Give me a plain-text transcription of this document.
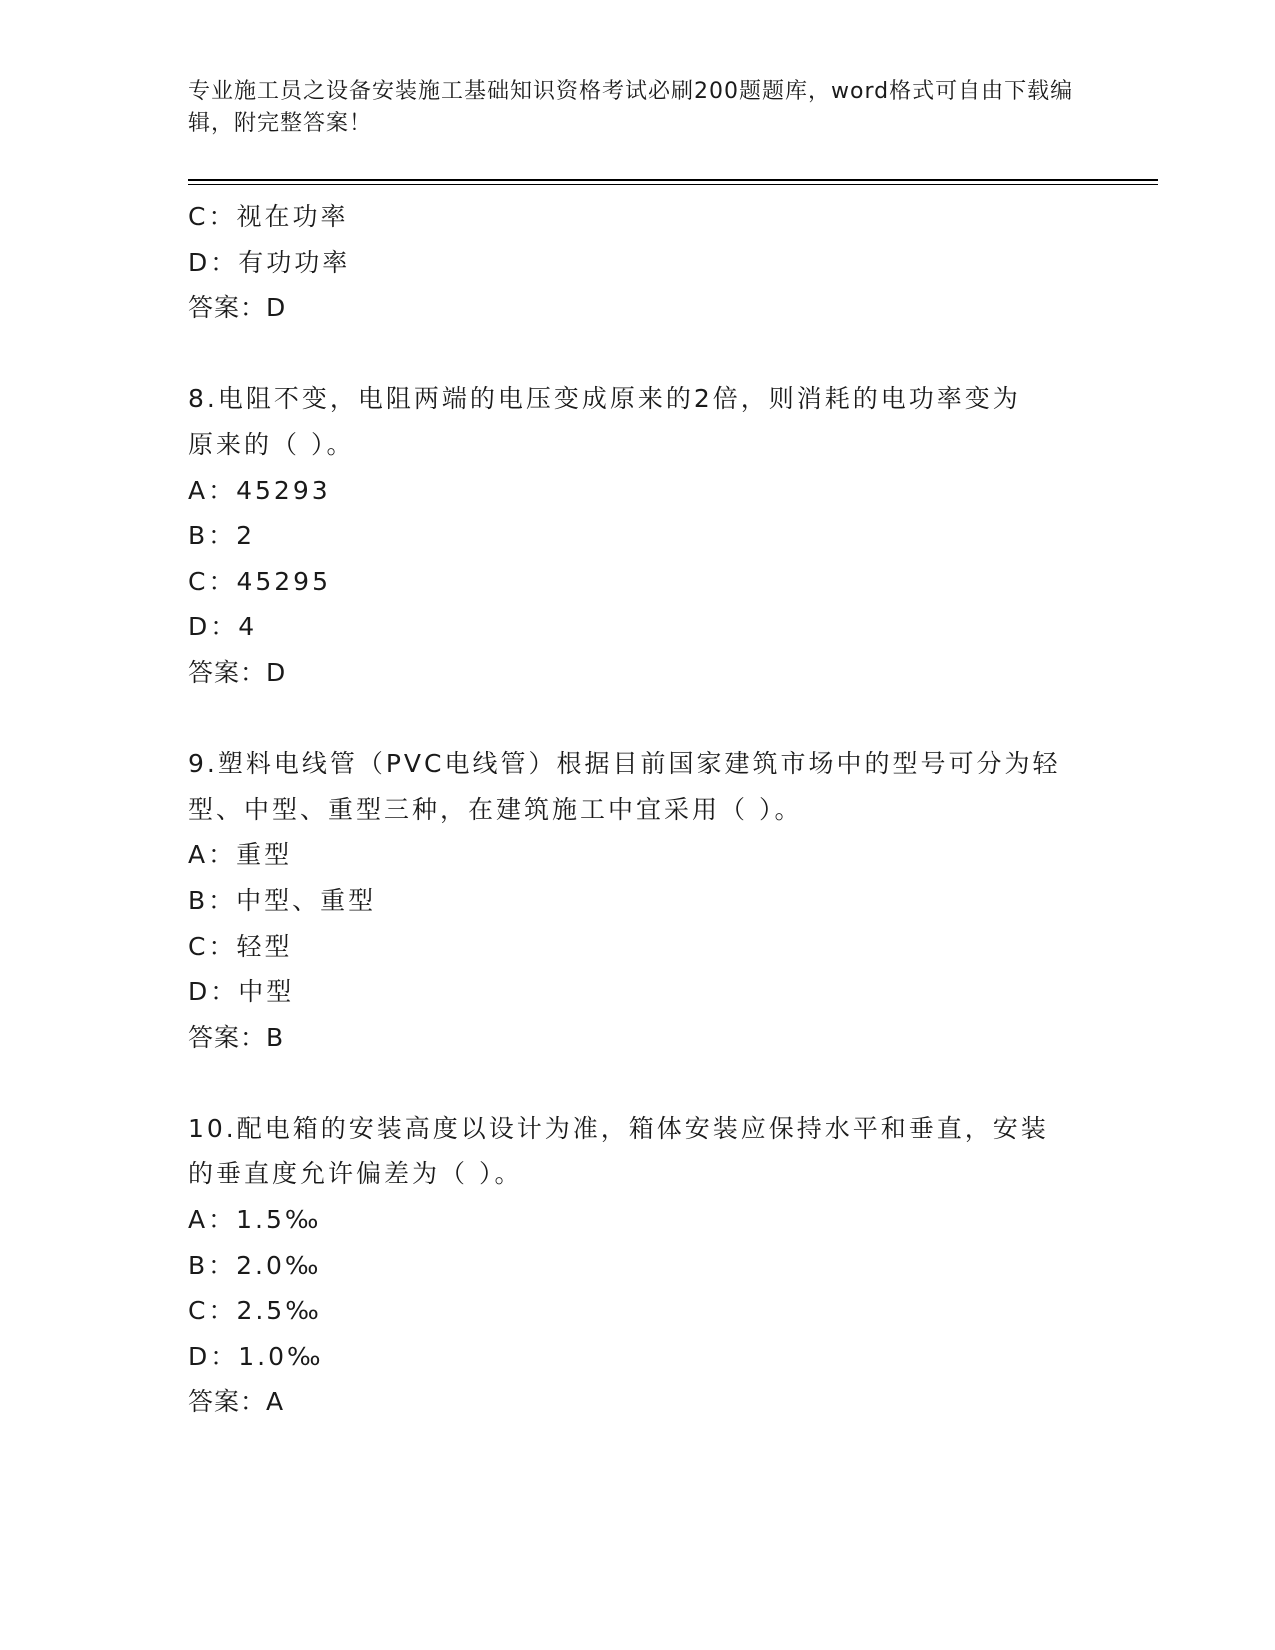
专业施工员之设备安装施工基础知识资格考试必刷200题题库，word格式可自由下载编辑，附完整答案！
C：视在功率
D：有功功率
答案：D
8.电阻不变，电阻两端的电压变成原来的2倍，则消耗的电功率变为
原来的（ ）。
A：45293
B：2
C：45295
D：4
答案：D
9.塑料电线管（PVC电线管）根据目前国家建筑市场中的型号可分为轻
型、中型、重型三种，在建筑施工中宜采用（ ）。
A：重型
B：中型、重型
C：轻型
D：中型
答案：B
10.配电箱的安装高度以设计为准，箱体安装应保持水平和垂直，安装
的垂直度允许偏差为（ ）。
A：1.5‰
B：2.0‰
C：2.5‰
D：1.0‰
答案：A
